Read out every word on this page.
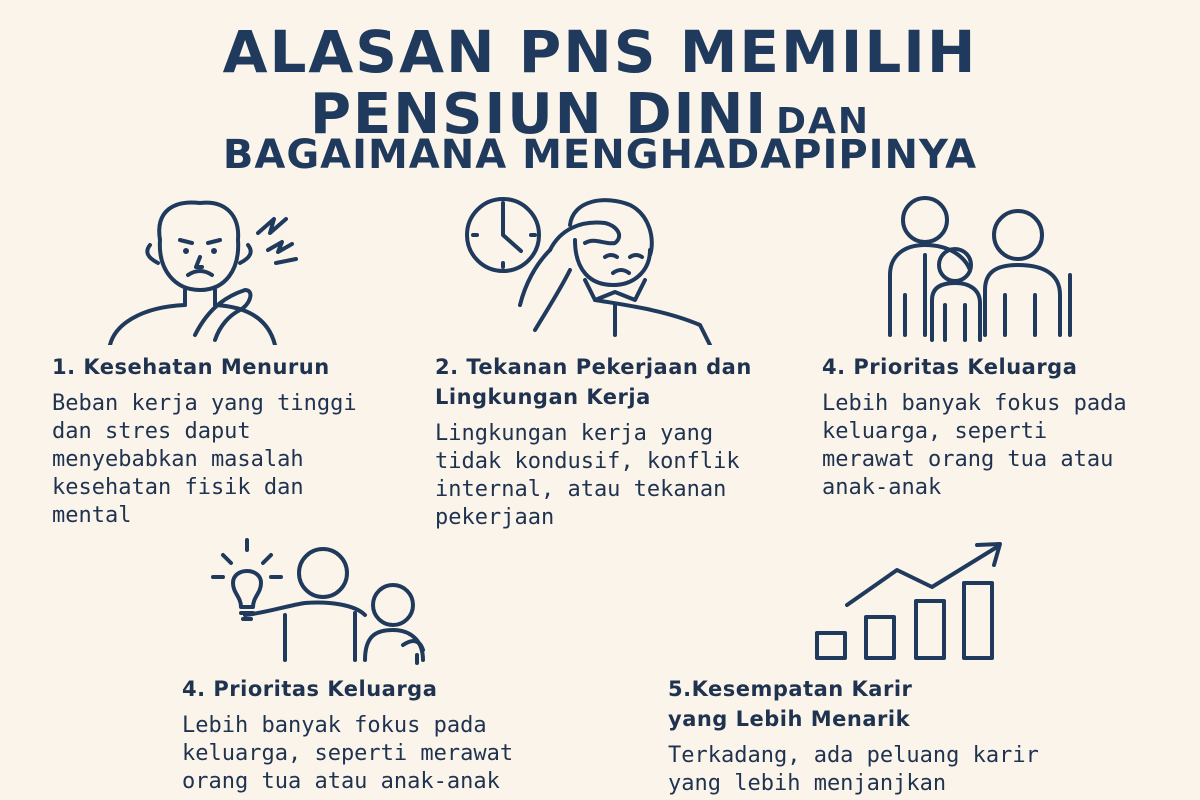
ALASAN PNS MEMILIH
PENSIUN DINI DAN
BAGAIMANA MENGHADAPIPINYA
1. Kesehatan Menurun

Beban kerja yang tinggi dan stres daput menyebabkan masalah kesehatan fisik dan mental

2. Tekanan Pekerjaan dan Lingkungan Kerja

Lingkungan kerja yang tidak kondusif, konflik internal, atau tekanan pekerjaan

4. Prioritas Keluarga

Lebih banyak fokus pada keluarga, seperti merawat orang tua atau anak-anak

4. Prioritas Keluarga

Lebih banyak fokus pada keluarga, seperti merawat orang tua atau anak-anak

5.Kesempatan Karir yang Lebih Menarik

Terkadang, ada peluang karir yang lebih menjanjkan
